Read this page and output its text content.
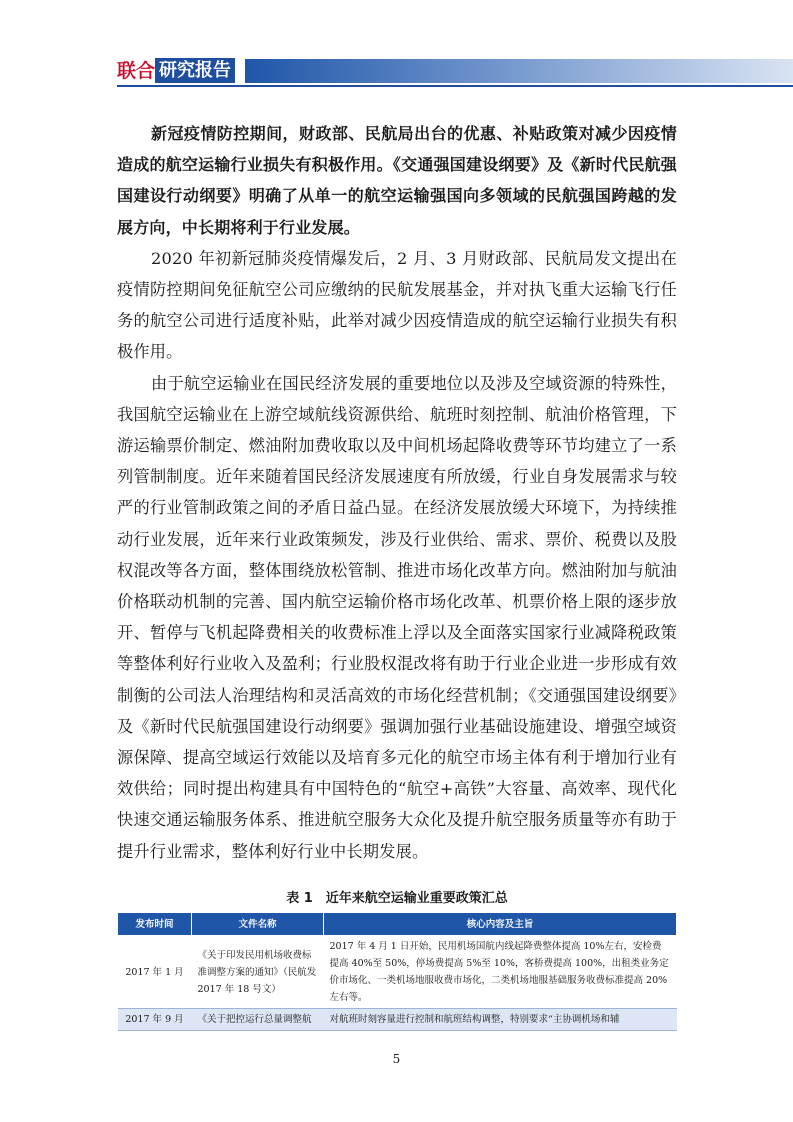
联合 研究报告

新冠疫情防控期间，财政部、民航局出台的优惠、补贴政策对减少因疫情造成的航空运输行业损失有积极作用。《交通强国建设纲要》及《新时代民航强国建设行动纲要》明确了从单一的航空运输强国向多领域的民航强国跨越的发展方向，中长期将利于行业发展。

2020 年初新冠肺炎疫情爆发后，2 月、3 月财政部、民航局发文提出在疫情防控期间免征航空公司应缴纳的民航发展基金，并对执飞重大运输飞行任务的航空公司进行适度补贴，此举对减少因疫情造成的航空运输行业损失有积极作用。

由于航空运输业在国民经济发展的重要地位以及涉及空域资源的特殊性，我国航空运输业在上游空域航线资源供给、航班时刻控制、航油价格管理，下游运输票价制定、燃油附加费收取以及中间机场起降收费等环节均建立了一系列管制制度。近年来随着国民经济发展速度有所放缓，行业自身发展需求与较严的行业管制政策之间的矛盾日益凸显。在经济发展放缓大环境下，为持续推动行业发展，近年来行业政策频发，涉及行业供给、需求、票价、税费以及股权混改等各方面，整体围绕放松管制、推进市场化改革方向。燃油附加与航油价格联动机制的完善、国内航空运输价格市场化改革、机票价格上限的逐步放开、暂停与飞机起降费相关的收费标准上浮以及全面落实国家行业减降税政策等整体利好行业收入及盈利；行业股权混改将有助于行业企业进一步形成有效制衡的公司法人治理结构和灵活高效的市场化经营机制；《交通强国建设纲要》及《新时代民航强国建设行动纲要》强调加强行业基础设施建设、增强空域资源保障、提高空域运行效能以及培育多元化的航空市场主体有利于增加行业有效供给；同时提出构建具有中国特色的“航空+高铁”大容量、高效率、现代化快速交通运输服务体系、推进航空服务大众化及提升航空服务质量等亦有助于提升行业需求，整体利好行业中长期发展。

表 1　近年来航空运输业重要政策汇总
发布时间	文件名称	核心内容及主旨
2017 年 1 月	《关于印发民用机场收费标准调整方案的通知》（民航发 2017 年 18 号文）	2017 年 4 月 1 日开始，民用机场国航内线起降费整体提高 10%左右，安检费提高 40%至 50%，停场费提高 5%至 10%，客桥费提高 100%，出租类业务定价市场化、一类机场地服收费市场化，二类机场地服基础服务收费标准提高 20%左右等。
2017 年 9 月	《关于把控运行总量调整航	对航班时刻容量进行控制和航班结构调整，特别要求“主协调机场和辅
5
